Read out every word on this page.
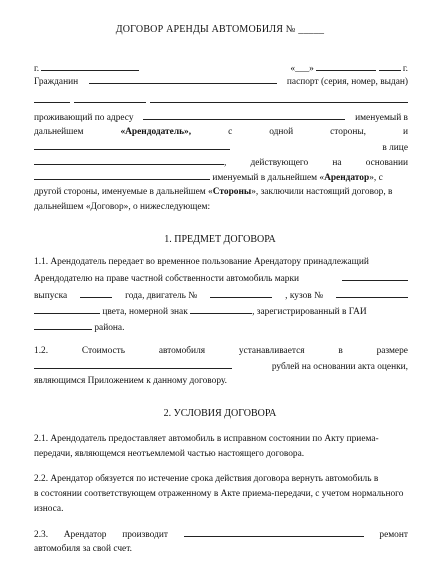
ДОГОВОР АРЕНДЫ АВТОМОБИЛЯ № _____
г.	«___»	г.
Гражданин	паспорт (серия, номер, выдан)
проживающий по адресу	именуемый в
дальнейшем	«Арендодатель»,	с	одной	стороны,	и
в лице
,	действующего	на	основании
именуемый в дальнейшем «Арендатор», с
другой стороны, именуемые в дальнейшем «Стороны», заключили настоящий договор, в
дальнейшем «Договор», о нижеследующем:
1. ПРЕДМЕТ ДОГОВОРА
1.1. Арендодатель передает во временное пользование Арендатору принадлежащий
Арендодателю на праве частной собственности автомобиль марки
выпуска	года, двигатель №	, кузов №
цвета, номерной знак	, зарегистрированный в ГАИ
района.
1.2.	Стоимость	автомобиля	устанавливается	в	размере
рублей на основании акта оценки,
являющимся Приложением к данному договору.
2. УСЛОВИЯ ДОГОВОРА
2.1. Арендодатель предоставляет автомобиль в исправном состоянии по Акту приема-
передачи, являющемся неотъемлемой частью настоящего договора.
2.2. Арендатор обязуется по истечение срока действия договора вернуть автомобиль в
в состоянии соответствующем отраженному в Акте приема-передачи, с учетом нормального
износа.
2.3. Арендатор производит	ремонт
автомобиля за свой счет.
